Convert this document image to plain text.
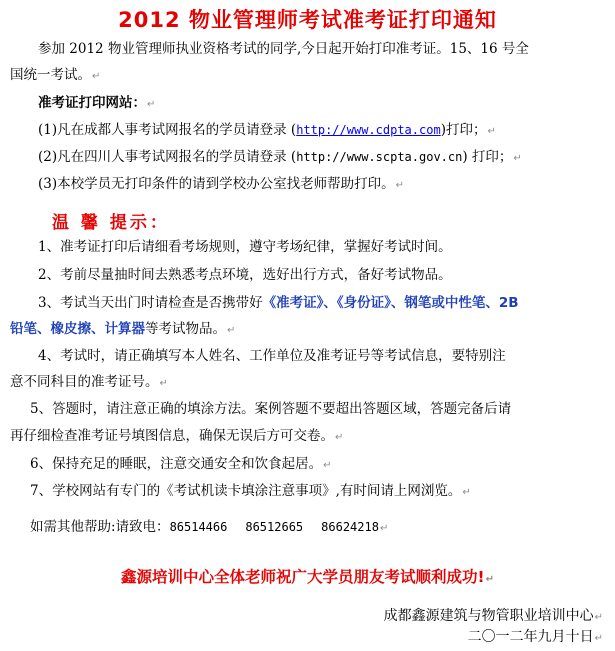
2012 物业管理师考试准考证打印通知
参加 2012 物业管理师执业资格考试的同学,今日起开始打印准考证。15、16 号全
国统一考试。↵
准考证打印网站：↵
(1)凡在成都人事考试网报名的学员请登录 (http://www.cdpta.com)打印；↵
(2)凡在四川人事考试网报名的学员请登录 (http://www.scpta.gov.cn) 打印；↵
(3)本校学员无打印条件的请到学校办公室找老师帮助打印。↵
温 馨 提示：
1、准考证打印后请细看考场规则，遵守考场纪律，掌握好考试时间。
2、考前尽量抽时间去熟悉考点环境，选好出行方式，备好考试物品。
3、考试当天出门时请检查是否携带好《准考证》、《身份证》、钢笔或中性笔、2B
铅笔、橡皮擦、计算器等考试物品。↵
4、考试时，请正确填写本人姓名、工作单位及准考证号等考试信息，要特别注
意不同科目的准考证号。↵
5、答题时，请注意正确的填涂方法。案例答题不要超出答题区域，答题完备后请
再仔细检查准考证号填图信息，确保无误后方可交卷。↵
6、保持充足的睡眠，注意交通安全和饮食起居。↵
7、学校网站有专门的《考试机读卡填涂注意事项》,有时间请上网浏览。↵
如需其他帮助:请致电：86514466 86512665 86624218↵
鑫源培训中心全体老师祝广大学员朋友考试顺利成功!↵
成都鑫源建筑与物管职业培训中心↵
二〇一二年九月十日↵
